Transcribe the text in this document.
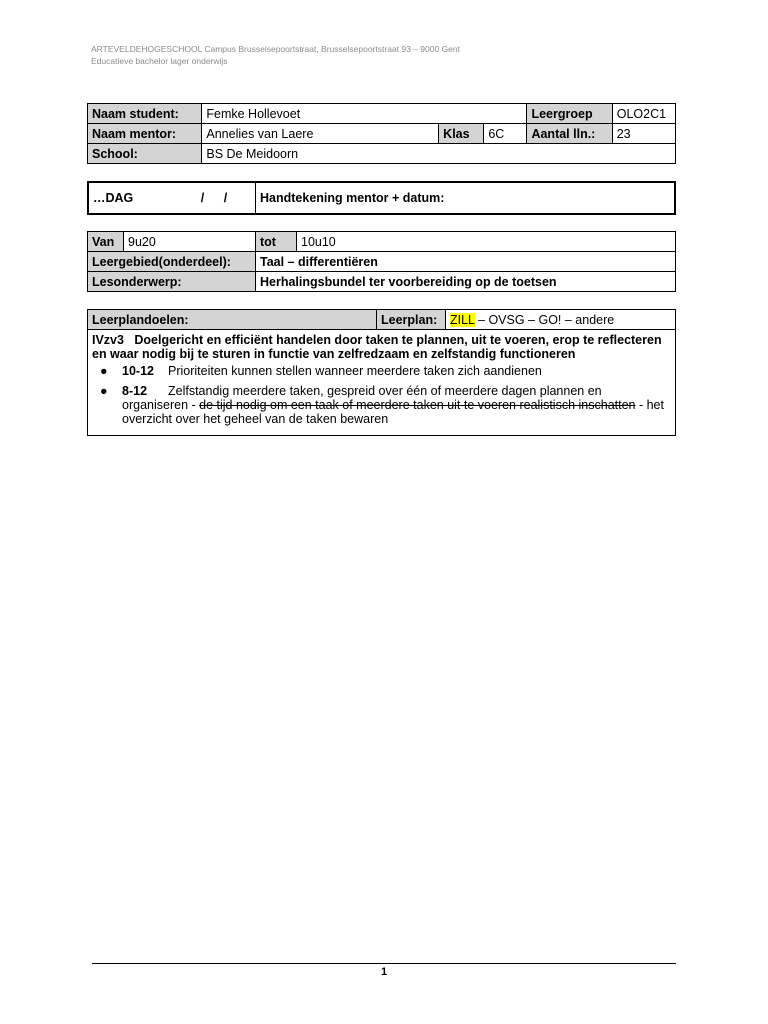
ARTEVELDEHOGESCHOOL Campus Brusselsepoortstraat, Brusselsepoortstraat 93 – 9000 Gent
Educatieve bachelor lager onderwijs
Naam student:	Femke Hollevoet			Leergroep	OLO2C1
Naam mentor:	Annelies van Laere	Klas	6C	Aantal lln.:	23
School:	BS De Meidoorn				
…DAG	/ /	Handtekening mentor + datum:
Van	9u20	tot	10u10
Leergebied(onderdeel):		Taal – differentiëren	
Lesonderwerp:		Herhalingsbundel ter voorbereiding op de toetsen	
Leerplandoelen:	Leerplan:	ZILL – OVSG – GO! – andere

IVzv3 Doelgericht en efficiënt handelen door taken te plannen, uit te voeren, erop te reflecteren en waar nodig bij te sturen in functie van zelfredzaam en zelfstandig functioneren
● 10-12 Prioriteiten kunnen stellen wanneer meerdere taken zich aandienen
● 8-12 Zelfstandig meerdere taken, gespreid over één of meerdere dagen plannen en organiseren - de tijd nodig om een taak of meerdere taken uit te voeren realistisch inschatten - het overzicht over het geheel van de taken bewaren
1
